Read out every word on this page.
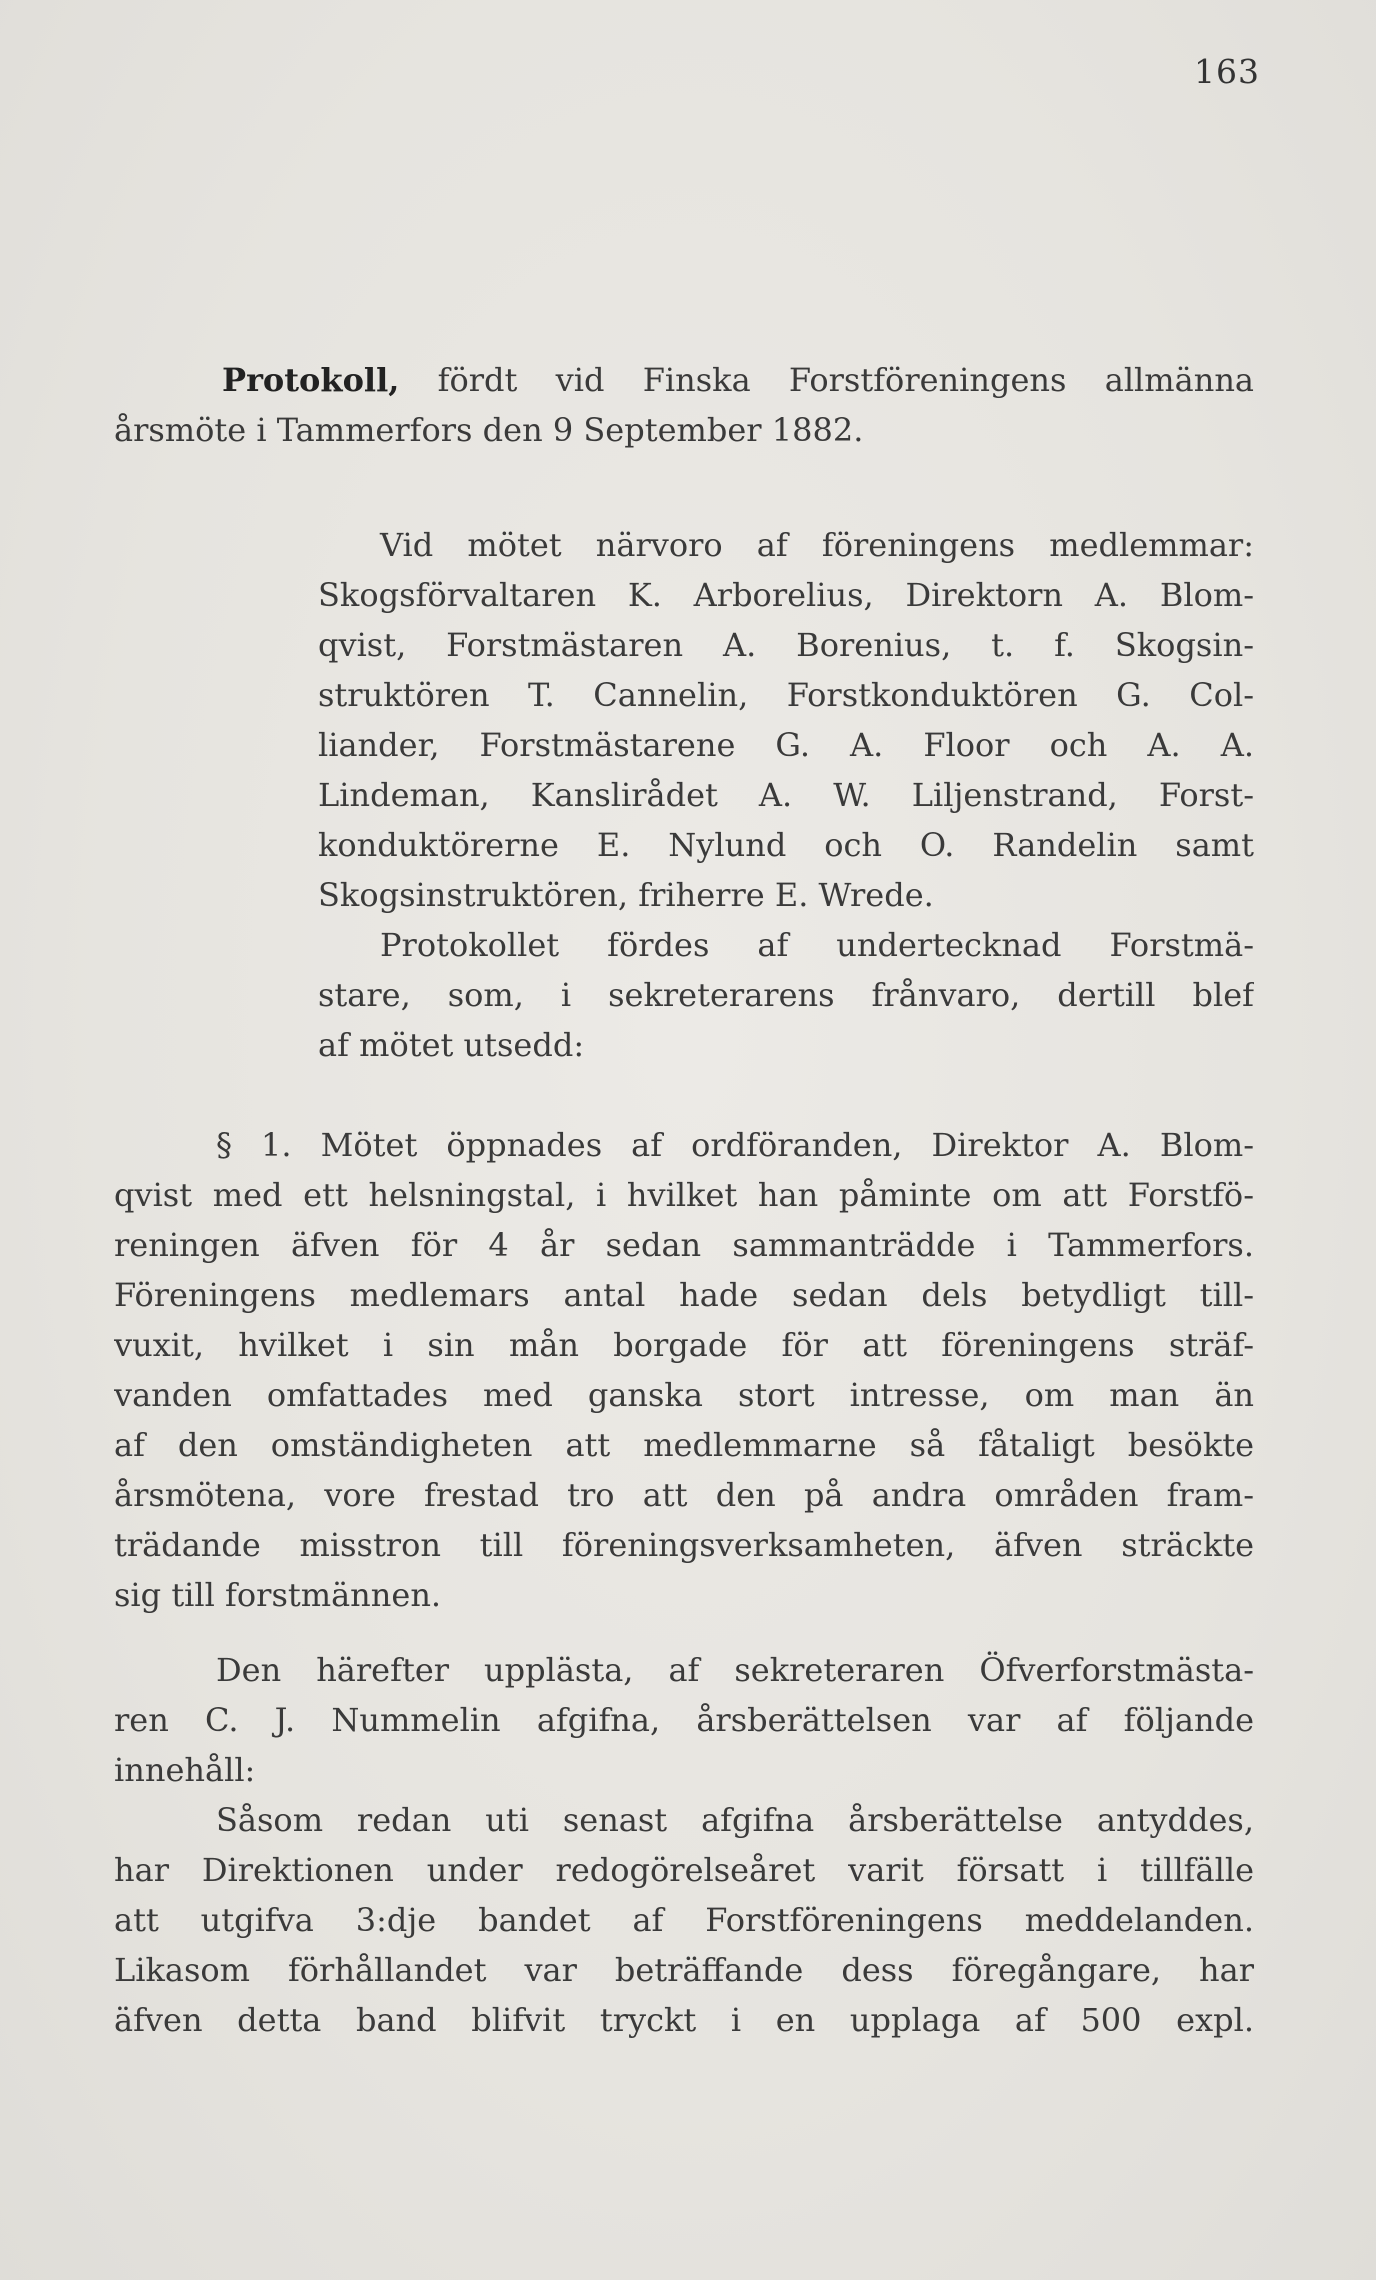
163
Protokoll, fördt vid Finska Forstföreningens allmänna
årsmöte i Tammerfors den 9 September 1882.
Vid mötet närvoro af föreningens medlemmar:
Skogsförvaltaren K. Arborelius, Direktorn A. Blom-
qvist, Forstmästaren A. Borenius, t. f. Skogsin-
struktören T. Cannelin, Forstkonduktören G. Col-
liander, Forstmästarene G. A. Floor och A. A.
Lindeman, Kanslirådet A. W. Liljenstrand, Forst-
konduktörerne E. Nylund och O. Randelin samt
Skogsinstruktören, friherre E. Wrede.
Protokollet fördes af undertecknad Forstmä-
stare, som, i sekreterarens frånvaro, dertill blef
af mötet utsedd:
§ 1. Mötet öppnades af ordföranden, Direktor A. Blom-
qvist med ett helsningstal, i hvilket han påminte om att Forstfö-
reningen äfven för 4 år sedan sammanträdde i Tammerfors.
Föreningens medlemars antal hade sedan dels betydligt till-
vuxit, hvilket i sin mån borgade för att föreningens sträf-
vanden omfattades med ganska stort intresse, om man än
af den omständigheten att medlemmarne så fåtaligt besökte
årsmötena, vore frestad tro att den på andra områden fram-
trädande misstron till föreningsverksamheten, äfven sträckte
sig till forstmännen.
Den härefter upplästa, af sekreteraren Öfverforstmästa-
ren C. J. Nummelin afgifna, årsberättelsen var af följande
innehåll:
Såsom redan uti senast afgifna årsberättelse antyddes,
har Direktionen under redogörelseåret varit försatt i tillfälle
att utgifva 3:dje bandet af Forstföreningens meddelanden.
Likasom förhållandet var beträffande dess föregångare, har
äfven detta band blifvit tryckt i en upplaga af 500 expl.
